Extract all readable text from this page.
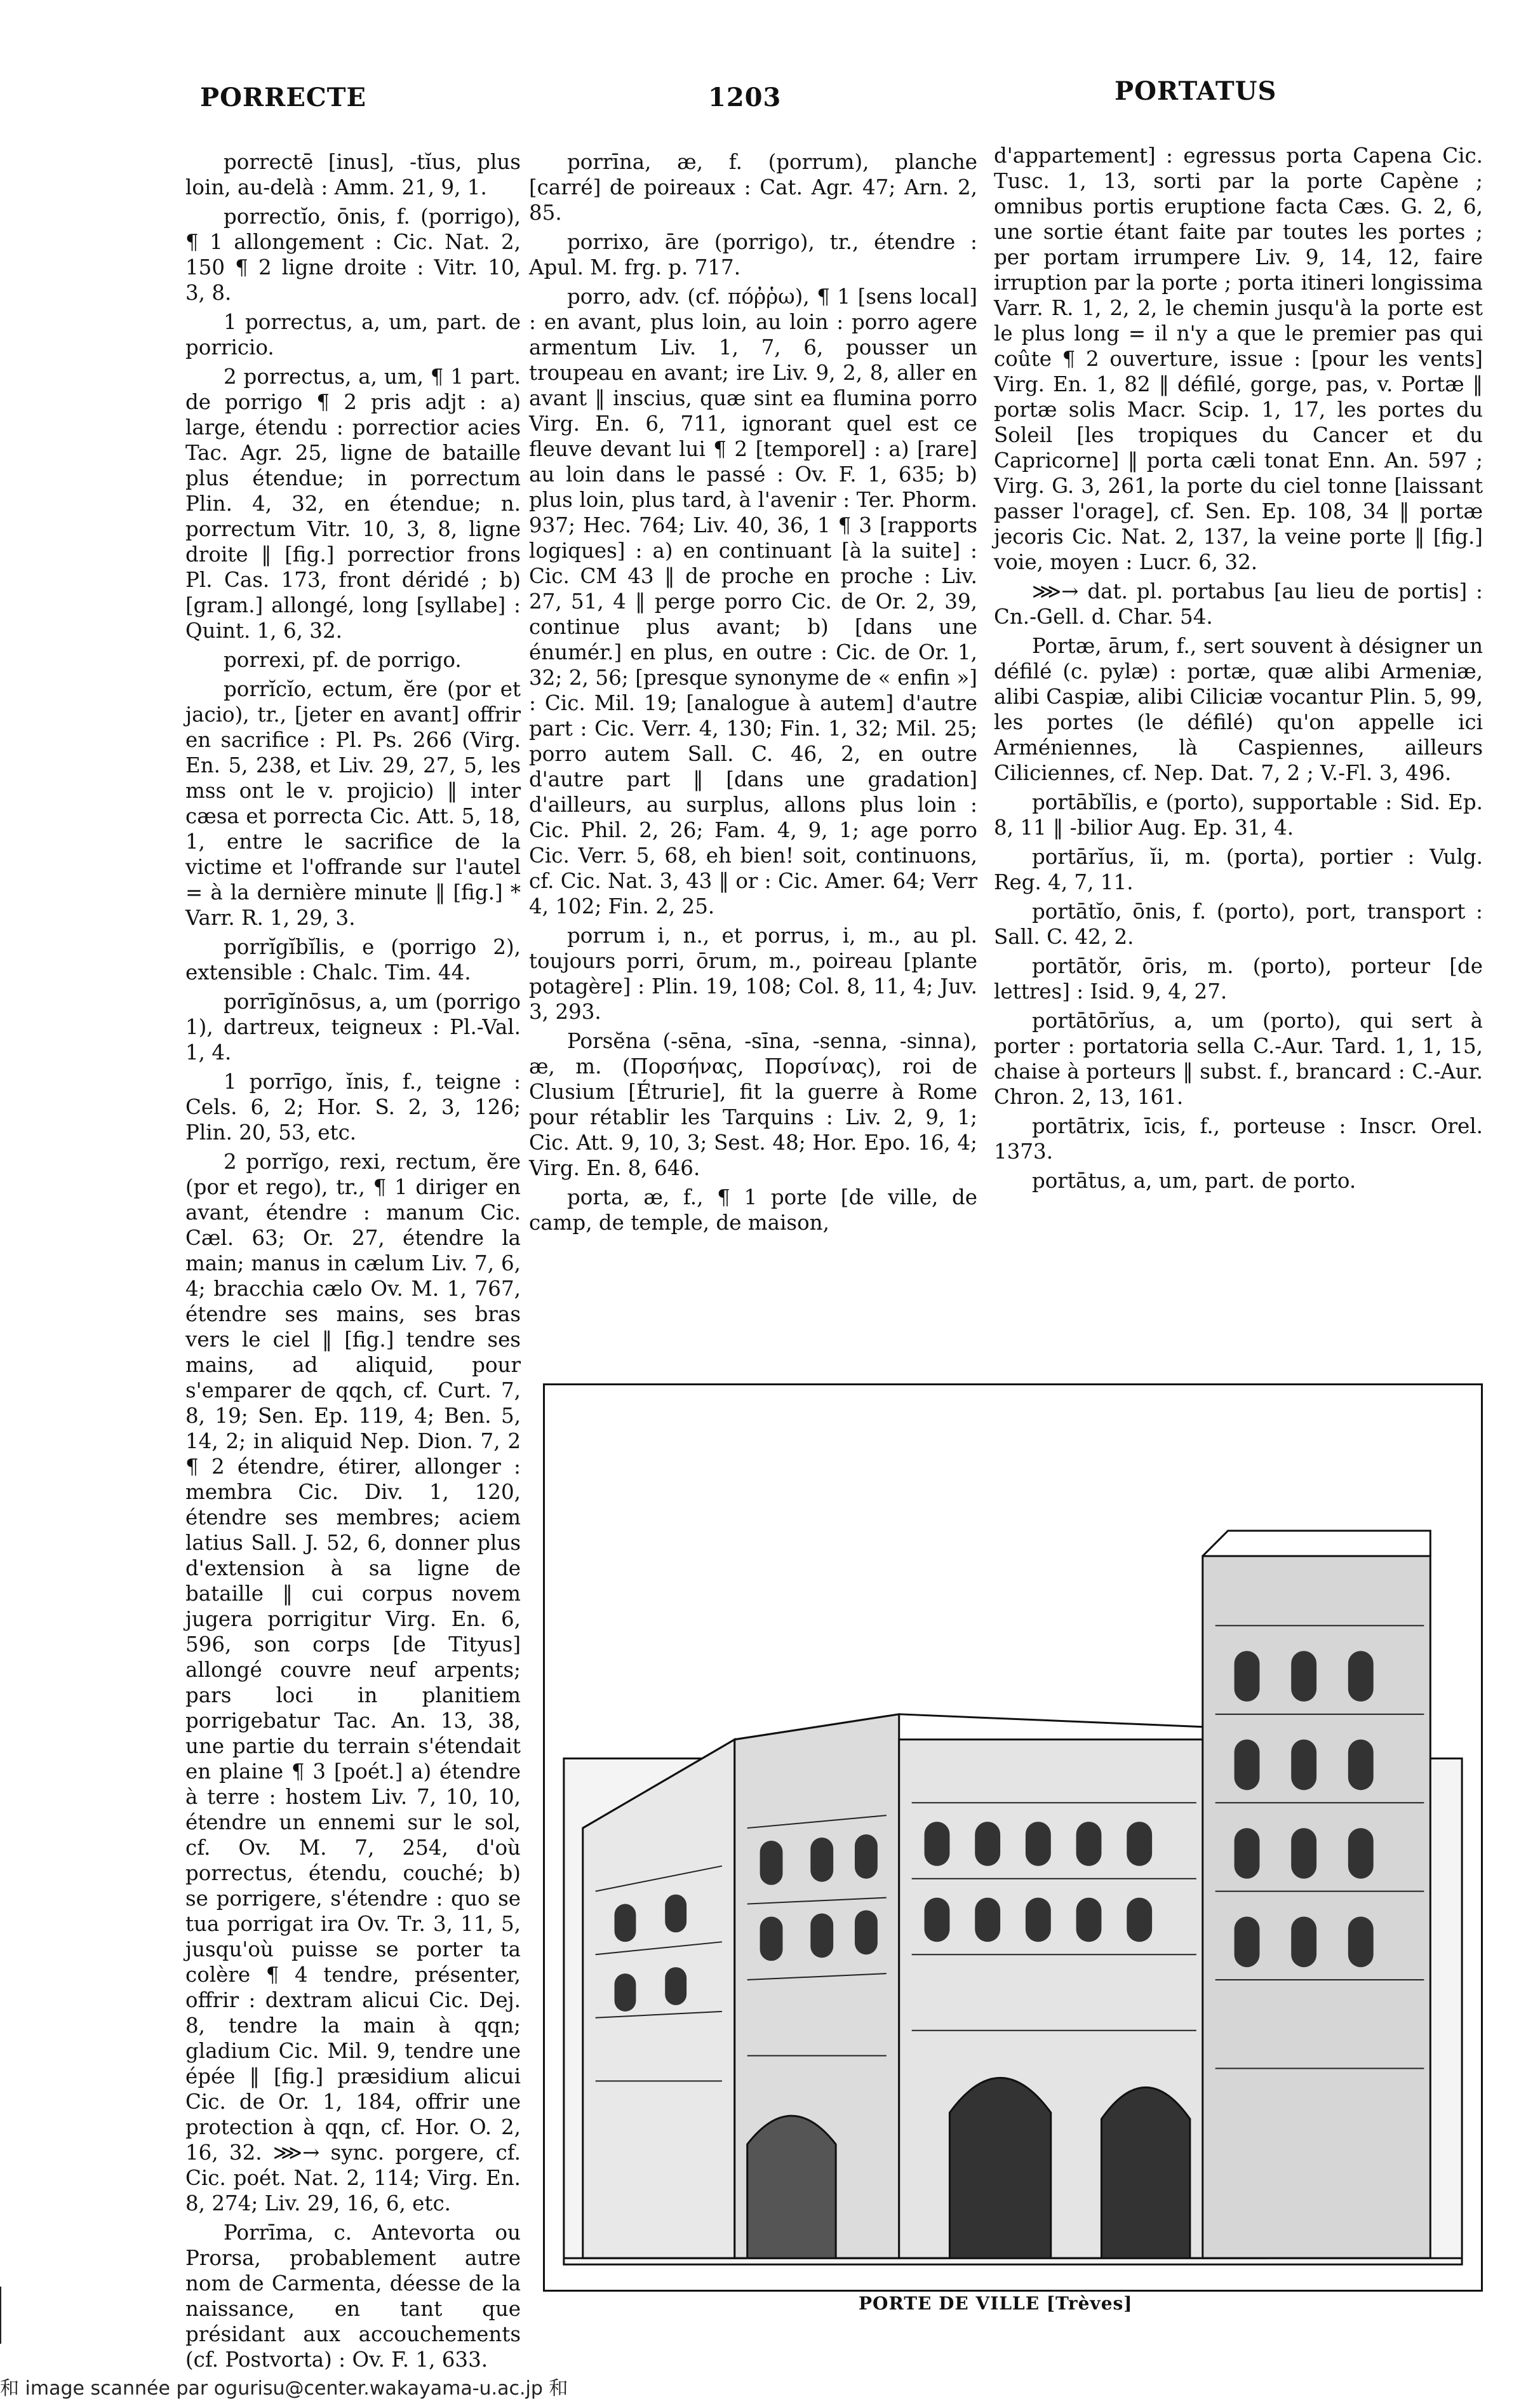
PORRECTE	1203	PORTATUS

porrectē [inus], -tĭus, plus loin, au-delà : Amm. 21, 9, 1.

porrectĭo, ōnis, f. (porrigo), ¶ 1 allongement : Cic. Nat. 2, 150 ¶ 2 ligne droite : Vitr. 10, 3, 8.

1 porrectus, a, um, part. de porricio.

2 porrectus, a, um, ¶ 1 part. de porrigo ¶ 2 pris adjt : a) large, étendu : porrectior acies Tac. Agr. 25, ligne de bataille plus étendue; in porrectum Plin. 4, 32, en étendue; n. porrectum Vitr. 10, 3, 8, ligne droite ‖ [fig.] porrectior frons Pl. Cas. 173, front déridé ; b) [gram.] allongé, long [syllabe] : Quint. 1, 6, 32.

porrexi, pf. de porrigo.

porrĭcĭo, ectum, ĕre (por et jacio), tr., [jeter en avant] offrir en sacrifice : Pl. Ps. 266 (Virg. En. 5, 238, et Liv. 29, 27, 5, les mss ont le v. projicio) ‖ inter cæsa et porrecta Cic. Att. 5, 18, 1, entre le sacrifice de la victime et l'offrande sur l'autel = à la dernière minute ‖ [fig.] * Varr. R. 1, 29, 3.

porrĭgĭbĭlis, e (porrigo 2), extensible : Chalc. Tim. 44.

porrīgĭnōsus, a, um (porrigo 1), dartreux, teigneux : Pl.-Val. 1, 4.

1 porrīgo, ĭnis, f., teigne : Cels. 6, 2; Hor. S. 2, 3, 126; Plin. 20, 53, etc.

2 porrĭgo, rexi, rectum, ĕre (por et rego), tr., ¶ 1 diriger en avant, étendre : manum Cic. Cæl. 63; Or. 27, étendre la main; manus in cælum Liv. 7, 6, 4; bracchia cælo Ov. M. 1, 767, étendre ses mains, ses bras vers le ciel ‖ [fig.] tendre ses mains, ad aliquid, pour s'emparer de qqch, cf. Curt. 7, 8, 19; Sen. Ep. 119, 4; Ben. 5, 14, 2; in aliquid Nep. Dion. 7, 2 ¶ 2 étendre, étirer, allonger : membra Cic. Div. 1, 120, étendre ses membres; aciem latius Sall. J. 52, 6, donner plus d'extension à sa ligne de bataille ‖ cui corpus novem jugera porrigitur Virg. En. 6, 596, son corps [de Tityus] allongé couvre neuf arpents; pars loci in planitiem porrigebatur Tac. An. 13, 38, une partie du terrain s'étendait en plaine ¶ 3 [poét.] a) étendre à terre : hostem Liv. 7, 10, 10, étendre un ennemi sur le sol, cf. Ov. M. 7, 254, d'où porrectus, étendu, couché; b) se porrigere, s'étendre : quo se tua porrigat ira Ov. Tr. 3, 11, 5, jusqu'où puisse se porter ta colère ¶ 4 tendre, présenter, offrir : dextram alicui Cic. Dej. 8, tendre la main à qqn; gladium Cic. Mil. 9, tendre une épée ‖ [fig.] præsidium alicui Cic. de Or. 1, 184, offrir une protection à qqn, cf. Hor. O. 2, 16, 32. ⋙→ sync. porgere, cf. Cic. poét. Nat. 2, 114; Virg. En. 8, 274; Liv. 29, 16, 6, etc.

Porrīma, c. Antevorta ou Prorsa, probablement autre nom de Carmenta, déesse de la naissance, en tant que présidant aux accouchements (cf. Postvorta) : Ov. F. 1, 633.

porrīna, æ, f. (porrum), planche [carré] de poireaux : Cat. Agr. 47; Arn. 2, 85.

porrixo, āre (porrigo), tr., étendre : Apul. M. frg. p. 717.

porro, adv. (cf. πόῤῥω), ¶ 1 [sens local] : en avant, plus loin, au loin : porro agere armentum Liv. 1, 7, 6, pousser un troupeau en avant; ire Liv. 9, 2, 8, aller en avant ‖ inscius, quæ sint ea flumina porro Virg. En. 6, 711, ignorant quel est ce fleuve devant lui ¶ 2 [temporel] : a) [rare] au loin dans le passé : Ov. F. 1, 635; b) plus loin, plus tard, à l'avenir : Ter. Phorm. 937; Hec. 764; Liv. 40, 36, 1 ¶ 3 [rapports logiques] : a) en continuant [à la suite] : Cic. CM 43 ‖ de proche en proche : Liv. 27, 51, 4 ‖ perge porro Cic. de Or. 2, 39, continue plus avant; b) [dans une énumér.] en plus, en outre : Cic. de Or. 1, 32; 2, 56; [presque synonyme de « enfin »] : Cic. Mil. 19; [analogue à autem] d'autre part : Cic. Verr. 4, 130; Fin. 1, 32; Mil. 25; porro autem Sall. C. 46, 2, en outre d'autre part ‖ [dans une gradation] d'ailleurs, au surplus, allons plus loin : Cic. Phil. 2, 26; Fam. 4, 9, 1; age porro Cic. Verr. 5, 68, eh bien! soit, continuons, cf. Cic. Nat. 3, 43 ‖ or : Cic. Amer. 64; Verr 4, 102; Fin. 2, 25.

porrum i, n., et porrus, i, m., au pl. toujours porri, ōrum, m., poireau [plante potagère] : Plin. 19, 108; Col. 8, 11, 4; Juv. 3, 293.

Porsĕna (-sēna, -sīna, -senna, -sinna), æ, m. (Πορσήνας, Πορσίνας), roi de Clusium [Étrurie], fit la guerre à Rome pour rétablir les Tarquins : Liv. 2, 9, 1; Cic. Att. 9, 10, 3; Sest. 48; Hor. Epo. 16, 4; Virg. En. 8, 646.

porta, æ, f., ¶ 1 porte [de ville, de camp, de temple, de maison,

d'appartement] : egressus porta Capena Cic. Tusc. 1, 13, sorti par la porte Capène ; omnibus portis eruptione facta Cæs. G. 2, 6, une sortie étant faite par toutes les portes ; per portam irrumpere Liv. 9, 14, 12, faire irruption par la porte ; porta itineri longissima Varr. R. 1, 2, 2, le chemin jusqu'à la porte est le plus long = il n'y a que le premier pas qui coûte ¶ 2 ouverture, issue : [pour les vents] Virg. En. 1, 82 ‖ défilé, gorge, pas, v. Portæ ‖ portæ solis Macr. Scip. 1, 17, les portes du Soleil [les tropiques du Cancer et du Capricorne] ‖ porta cæli tonat Enn. An. 597 ; Virg. G. 3, 261, la porte du ciel tonne [laissant passer l'orage], cf. Sen. Ep. 108, 34 ‖ portæ jecoris Cic. Nat. 2, 137, la veine porte ‖ [fig.] voie, moyen : Lucr. 6, 32.

⋙→ dat. pl. portabus [au lieu de portis] : Cn.-Gell. d. Char. 54.

Portæ, ārum, f., sert souvent à désigner un défilé (c. pylæ) : portæ, quæ alibi Armeniæ, alibi Caspiæ, alibi Ciliciæ vocantur Plin. 5, 99, les portes (le défilé) qu'on appelle ici Arméniennes, là Caspiennes, ailleurs Ciliciennes, cf. Nep. Dat. 7, 2 ; V.-Fl. 3, 496.

portābĭlis, e (porto), supportable : Sid. Ep. 8, 11 ‖ -bilior Aug. Ep. 31, 4.

portārĭus, ĭi, m. (porta), portier : Vulg. Reg. 4, 7, 11.

portātĭo, ōnis, f. (porto), port, transport : Sall. C. 42, 2.

portātŏr, ōris, m. (porto), porteur [de lettres] : Isid. 9, 4, 27.

portātōrĭus, a, um (porto), qui sert à porter : portatoria sella C.-Aur. Tard. 1, 1, 15, chaise à porteurs ‖ subst. f., brancard : C.-Aur. Chron. 2, 13, 161.

portātrix, īcis, f., porteuse : Inscr. Orel. 1373.

portātus, a, um, part. de porto.

PORTE DE VILLE [Trèves]
和 image scannée par ogurisu@center.wakayama-u.ac.jp 和
